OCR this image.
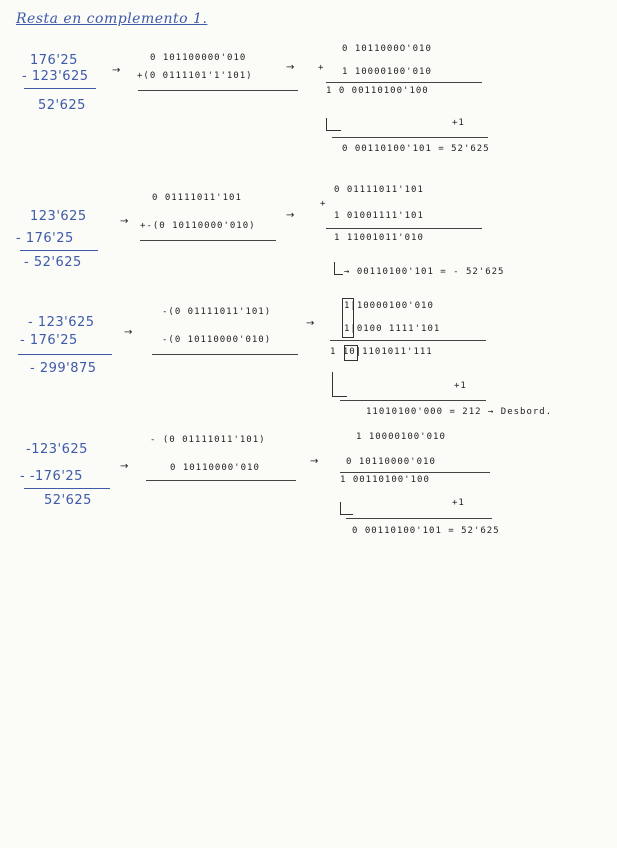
Resta en complemento 1.
176'25
- 123'625
52'625
→
0 101100000'010
+(0 0111101ꞌ1'101)
→	+
0 1011000O'010
1 10000100'010
1 0 00110100'100
+1
0 00110100'101 = 52'625
123'625
- 176'25
- 52'625
→
0 01111011'101
+-(0 10110000'010)
→
+
0 01111011'101
1 01001111'101
1 11001011'010
→ 00110100'101 = - 52'625
- 123'625
- 176'25
- 299'875
→
-(0 01111011'101)
-(0 10110000'010)
→
1|10000100'010
1|0100 1111'101
1 10|1101011'111
+1
11010100'000 = 212 → Desbord.
-123'625
- -176'25
52'625
→
- (0 01111011'101)
0 10110000'010
→
1 10000100'010
0 10110000'010
1 00110100'100
+1
0 00110100'101 = 52'625
